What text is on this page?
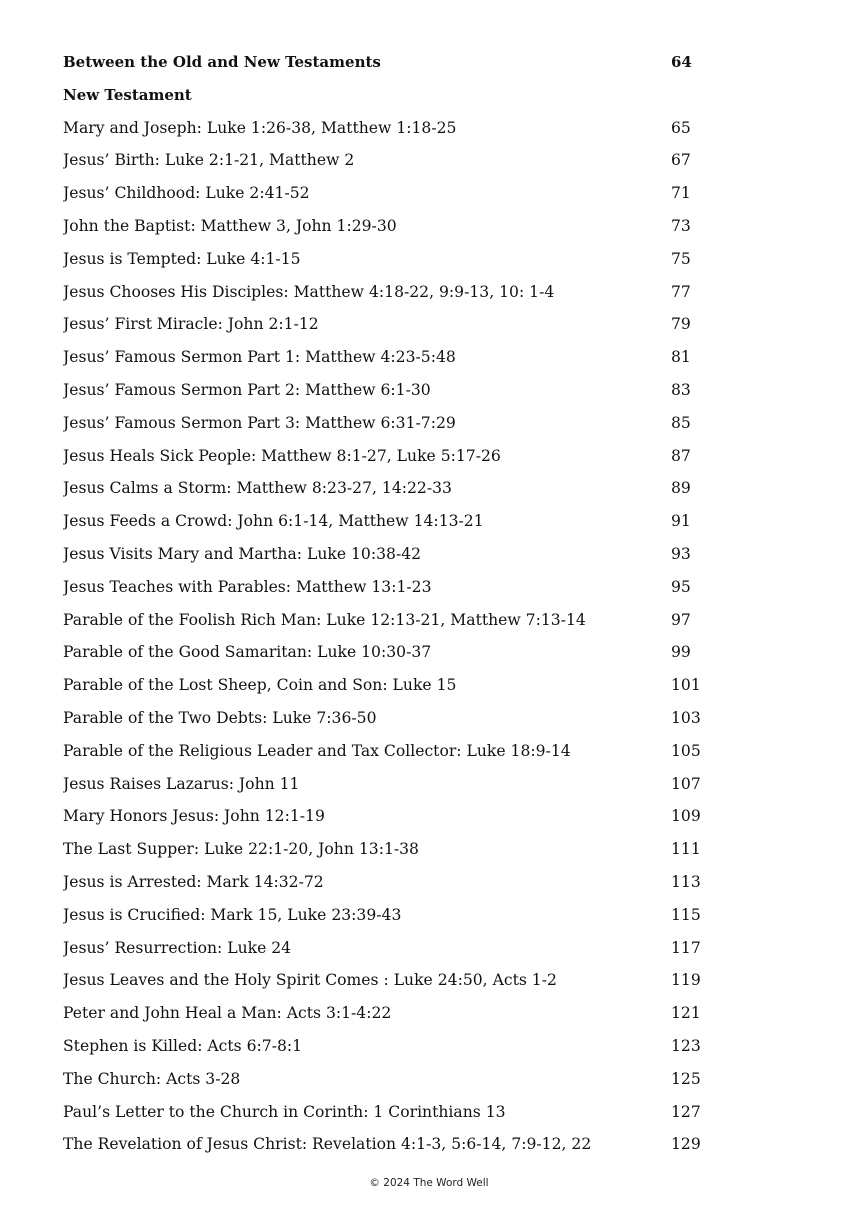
Between the Old and New Testaments	64
New Testament
Mary and Joseph: Luke 1:26-38, Matthew 1:18-25	65
Jesus’ Birth: Luke 2:1-21, Matthew 2	67
Jesus’ Childhood: Luke 2:41-52	71
John the Baptist: Matthew 3, John 1:29-30	73
Jesus is Tempted: Luke 4:1-15	75
Jesus Chooses His Disciples: Matthew 4:18-22, 9:9-13, 10: 1-4	77
Jesus’ First Miracle: John 2:1-12	79
Jesus’ Famous Sermon Part 1: Matthew 4:23-5:48	81
Jesus’ Famous Sermon Part 2: Matthew 6:1-30	83
Jesus’ Famous Sermon Part 3: Matthew 6:31-7:29	85
Jesus Heals Sick People: Matthew 8:1-27, Luke 5:17-26	87
Jesus Calms a Storm: Matthew 8:23-27, 14:22-33	89
Jesus Feeds a Crowd: John 6:1-14, Matthew 14:13-21	91
Jesus Visits Mary and Martha: Luke 10:38-42	93
Jesus Teaches with Parables: Matthew 13:1-23	95
Parable of the Foolish Rich Man: Luke 12:13-21, Matthew 7:13-14	97
Parable of the Good Samaritan: Luke 10:30-37	99
Parable of the Lost Sheep, Coin and Son: Luke 15	101
Parable of the Two Debts: Luke 7:36-50	103
Parable of the Religious Leader and Tax Collector: Luke 18:9-14	105
Jesus Raises Lazarus: John 11	107
Mary Honors Jesus: John 12:1-19	109
The Last Supper: Luke 22:1-20, John 13:1-38	111
Jesus is Arrested: Mark 14:32-72	113
Jesus is Crucified: Mark 15, Luke 23:39-43	115
Jesus’ Resurrection: Luke 24	117
Jesus Leaves and the Holy Spirit Comes : Luke 24:50, Acts 1-2	119
Peter and John Heal a Man: Acts 3:1-4:22	121
Stephen is Killed: Acts 6:7-8:1	123
The Church: Acts 3-28	125
Paul’s Letter to the Church in Corinth: 1 Corinthians 13	127
The Revelation of Jesus Christ: Revelation 4:1-3, 5:6-14, 7:9-12, 22	129
© 2024 The Word Well
